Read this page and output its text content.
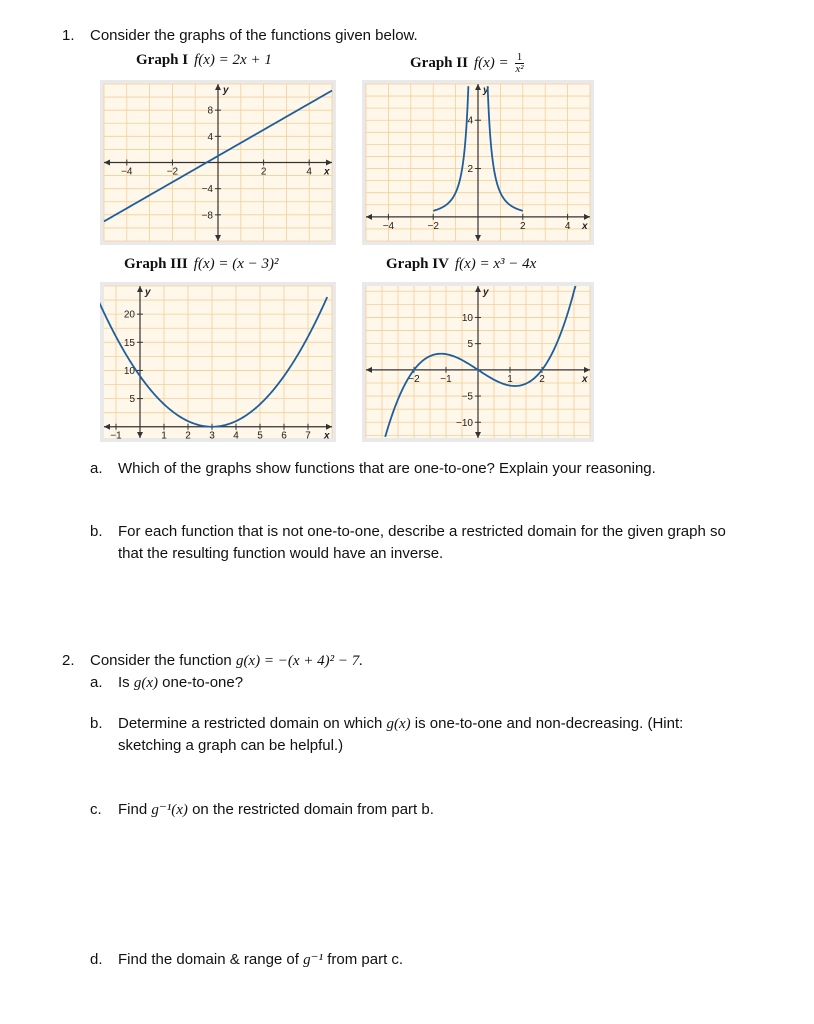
1. Consider the graphs of the functions given below.
Graph I f(x) = 2x + 1	Graph II $f(x) = \frac{1}{\text{x²}}$
Graph III f(x) = (x − 3)²	Graph IV f(x) = x³ − 4x
−4	−2	2	4
8
4
−4
−8
x
y
−4	−2	2	4
4
2
x
y
−1	1 2 3 4 5 6 7
20
15
10
5
x
y
−2 −1	1	2
10
5
−5
−10
x
y
a. Which of the graphs show functions that are one-to-one? Explain your reasoning.
b. For each function that is not one-to-one, describe a restricted domain for the given graph so
that the resulting function would have an inverse.
2. Consider the function g(x) = −(x + 4)² − 7.
a. Is g(x) one-to-one?
b. Determine a restricted domain on which g(x) is one-to-one and non-decreasing. (Hint:
sketching a graph can be helpful.)
c. Find g⁻¹(x) on the restricted domain from part b.
d. Find the domain & range of g⁻¹ from part c.
